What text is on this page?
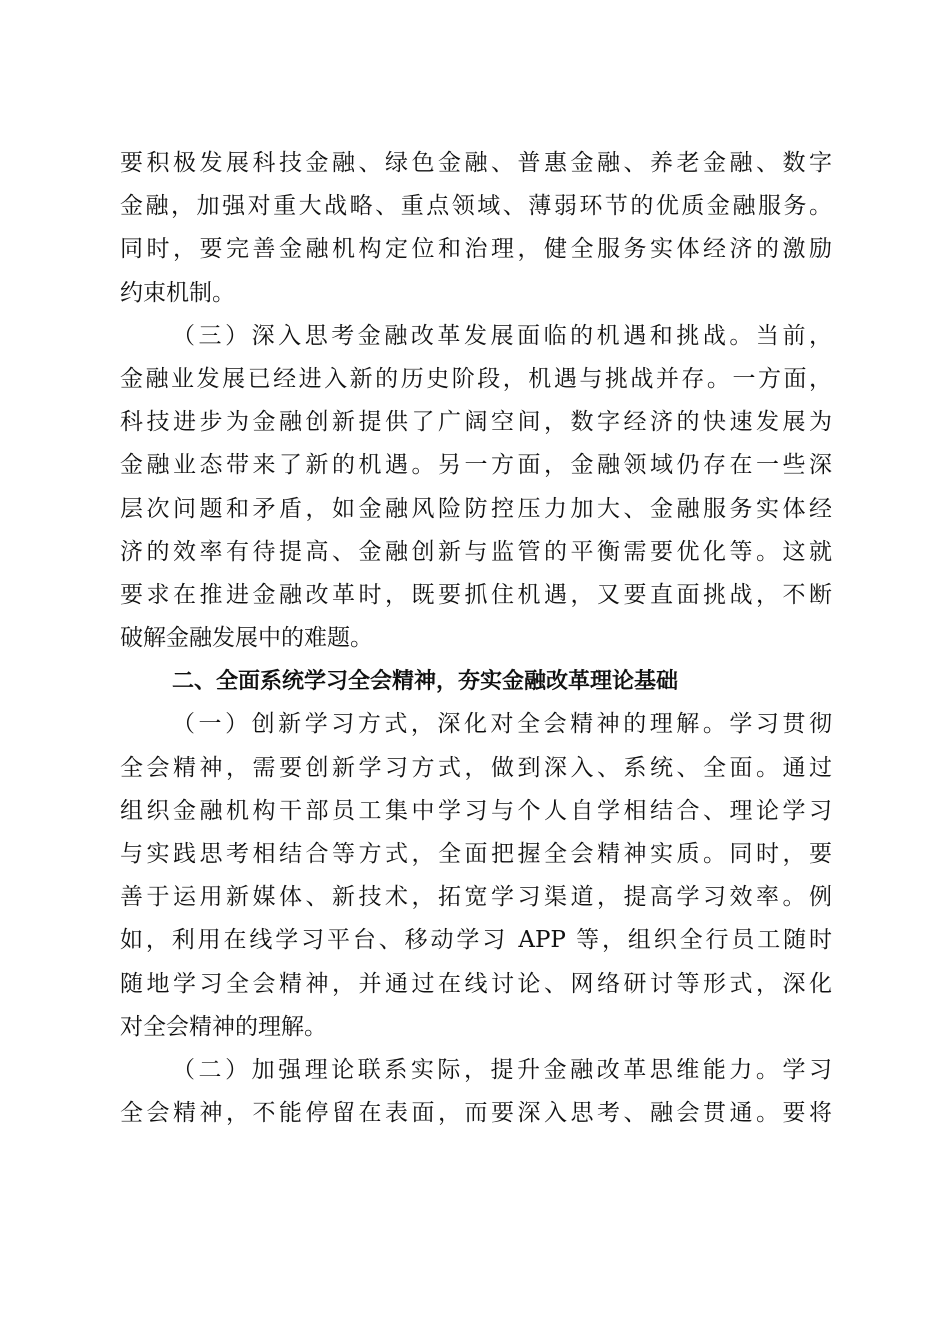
要积极发展科技金融、绿色金融、普惠金融、养老金融、数字
金融，加强对重大战略、重点领域、薄弱环节的优质金融服务。
同时，要完善金融机构定位和治理，健全服务实体经济的激励
约束机制。
（三）深入思考金融改革发展面临的机遇和挑战。当前，
金融业发展已经进入新的历史阶段，机遇与挑战并存。一方面，
科技进步为金融创新提供了广阔空间，数字经济的快速发展为
金融业态带来了新的机遇。另一方面，金融领域仍存在一些深
层次问题和矛盾，如金融风险防控压力加大、金融服务实体经
济的效率有待提高、金融创新与监管的平衡需要优化等。这就
要求在推进金融改革时，既要抓住机遇，又要直面挑战，不断
破解金融发展中的难题。
二、全面系统学习全会精神，夯实金融改革理论基础
（一）创新学习方式，深化对全会精神的理解。学习贯彻
全会精神，需要创新学习方式，做到深入、系统、全面。通过
组织金融机构干部员工集中学习与个人自学相结合、理论学习
与实践思考相结合等方式，全面把握全会精神实质。同时，要
善于运用新媒体、新技术，拓宽学习渠道，提高学习效率。例
如，利用在线学习平台、移动学习 APP 等，组织全行员工随时
随地学习全会精神，并通过在线讨论、网络研讨等形式，深化
对全会精神的理解。
（二）加强理论联系实际，提升金融改革思维能力。学习
全会精神，不能停留在表面，而要深入思考、融会贯通。要将
